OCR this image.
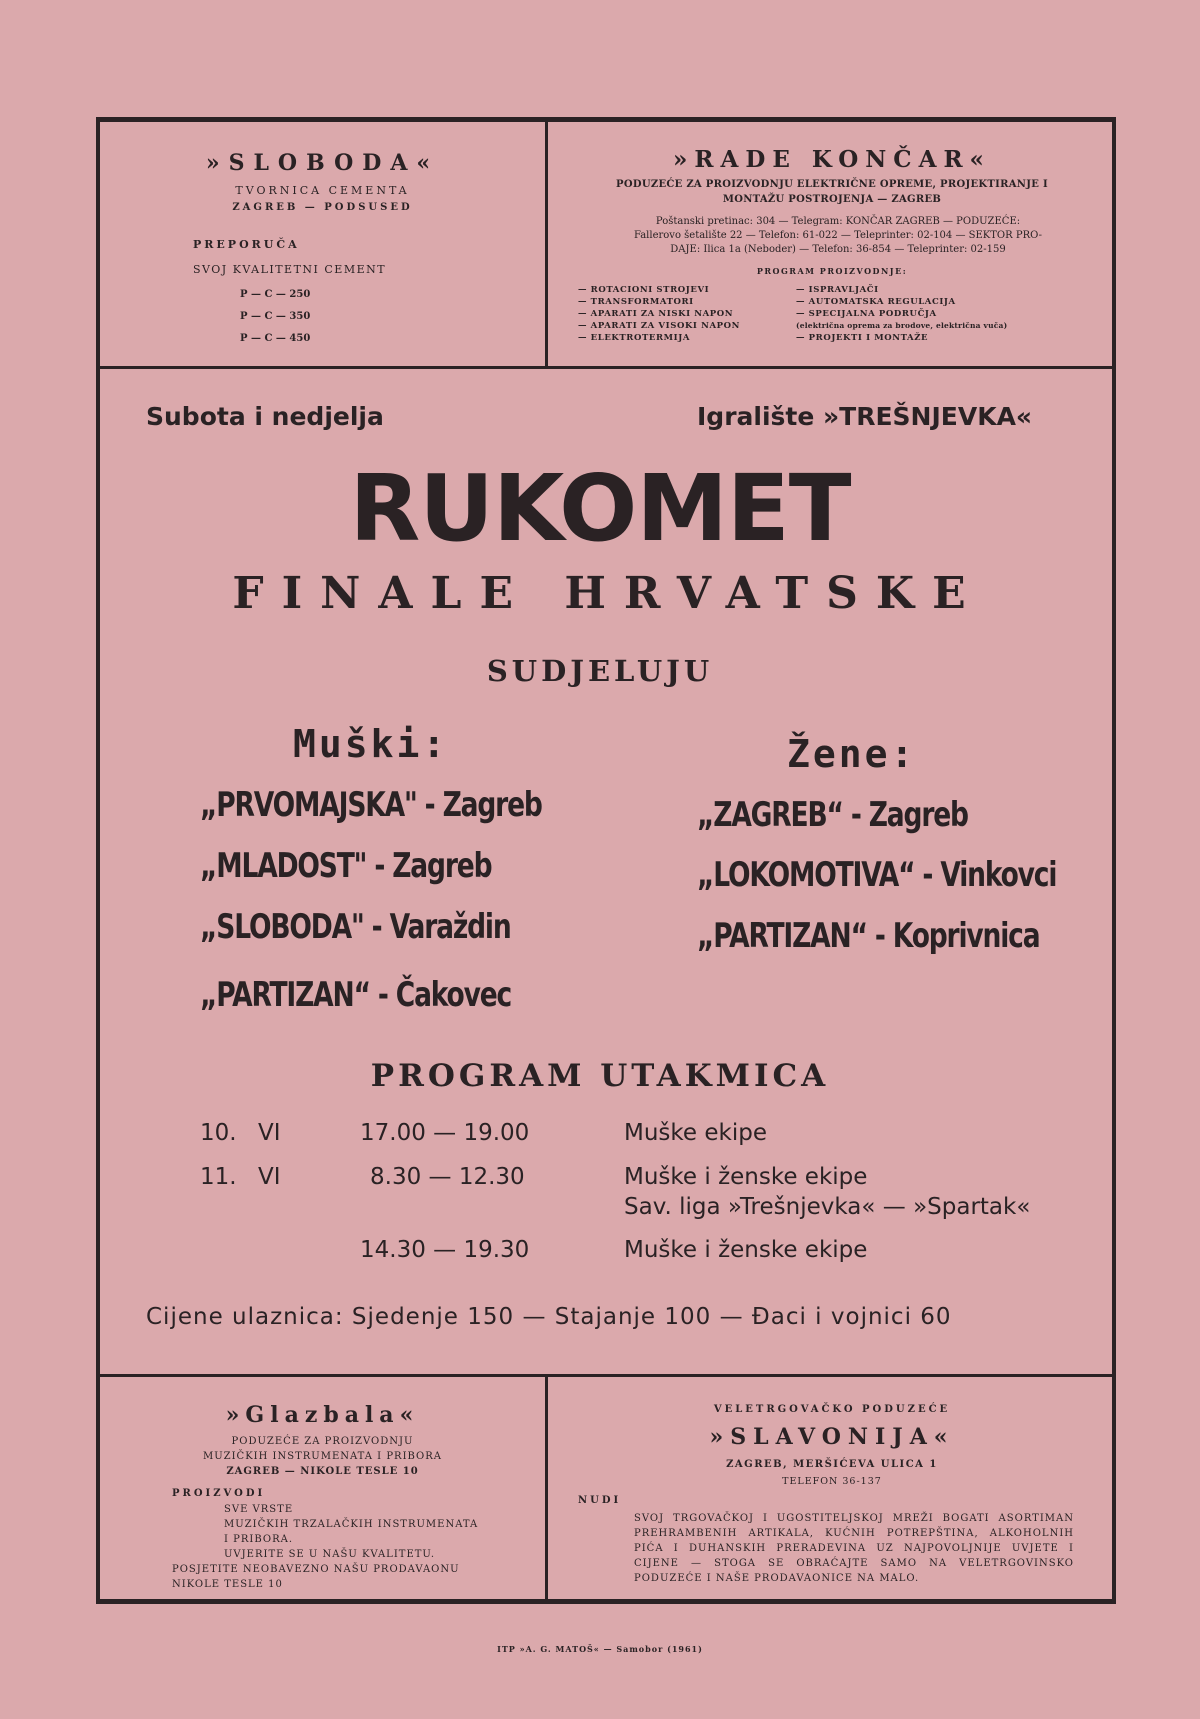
»SLOBODA«
TVORNICA CEMENTA
ZAGREB — PODSUSED
PREPORUČA
SVOJ KVALITETNI CEMENT
P — C — 250
P — C — 350
P — C — 450
»RADE KONČAR«
PODUZEĆE ZA PROIZVODNJU ELEKTRIČNE OPREME, PROJEKTIRANJE I
MONTAŽU POSTROJENJA — ZAGREB
Poštanski pretinac: 304 — Telegram: KONČAR ZAGREB — PODUZEĆE:
Fallerovo šetalište 22 — Telefon: 61-022 — Teleprinter: 02-104 — SEKTOR PRO-
DAJE: Ilica 1a (Neboder) — Telefon: 36-854 — Teleprinter: 02-159
PROGRAM PROIZVODNJE:
— ROTACIONI STROJEVI
— TRANSFORMATORI
— APARATI ZA NISKI NAPON
— APARATI ZA VISOKI NAPON
— ELEKTROTERMIJA
— ISPRAVLJAČI
— AUTOMATSKA REGULACIJA
— SPECIJALNA PODRUČJA
(električna oprema za brodove, električna vuča)
— PROJEKTI I MONTAŽE
»Glazbala«
PODUZEĆE ZA PROIZVODNJU
MUZIČKIH INSTRUMENATA I PRIBORA
ZAGREB — NIKOLE TESLE 10
PROIZVODI
SVE VRSTE
MUZIČKIH TRZALAČKIH INSTRUMENATA
I PRIBORA.
UVJERITE SE U NAŠU KVALITETU.
POSJETITE NEOBAVEZNO NAŠU PRODAVAONU
NIKOLE TESLE 10
VELETRGOVAČKO PODUZEĆE
»SLAVONIJA«
ZAGREB, MERŠIĆEVA ULICA 1
TELEFON 36-137
NUDI
SVOJ TRGOVAČKOJ I UGOSTITELJSKOJ MREŽI BOGATI ASORTIMAN PREHRAMBENIH ARTIKALA, KUĆNIH POTREPŠTINA, ALKOHOLNIH PIĆA I DUHANSKIH PRERADEVINA UZ NAJPOVOLJNIJE UVJETE I CIJENE — STOGA SE OBRAĆAJTE SAMO NA VELETRGOVINSKO PODUZEĆE I NAŠE PRODAVAONICE NA MALO.
Subota i nedjelja	Igralište »TREŠNJEVKA«
RUKOMET
FINALE HRVATSKE
SUDJELUJU
Muški:	Žene:
„PRVOMAJSKA" - Zagreb
„MLADOST" - Zagreb
„SLOBODA" - Varaždin
„PARTIZAN“ - Čakovec
„ZAGREB“ - Zagreb
„LOKOMOTIVA“ - Vinkovci
„PARTIZAN“ - Koprivnica
PROGRAM UTAKMICA
10. VI	17.00 — 19.00	Muške ekipe
11. VI	8.30 — 12.30	Muške i ženske ekipe
Sav. liga »Trešnjevka« — »Spartak«
14.30 — 19.30	Muške i ženske ekipe
Cijene ulaznica: Sjedenje 150 — Stajanje 100 — Đaci i vojnici 60
ITP »A. G. MATOŠ« — Samobor (1961)
